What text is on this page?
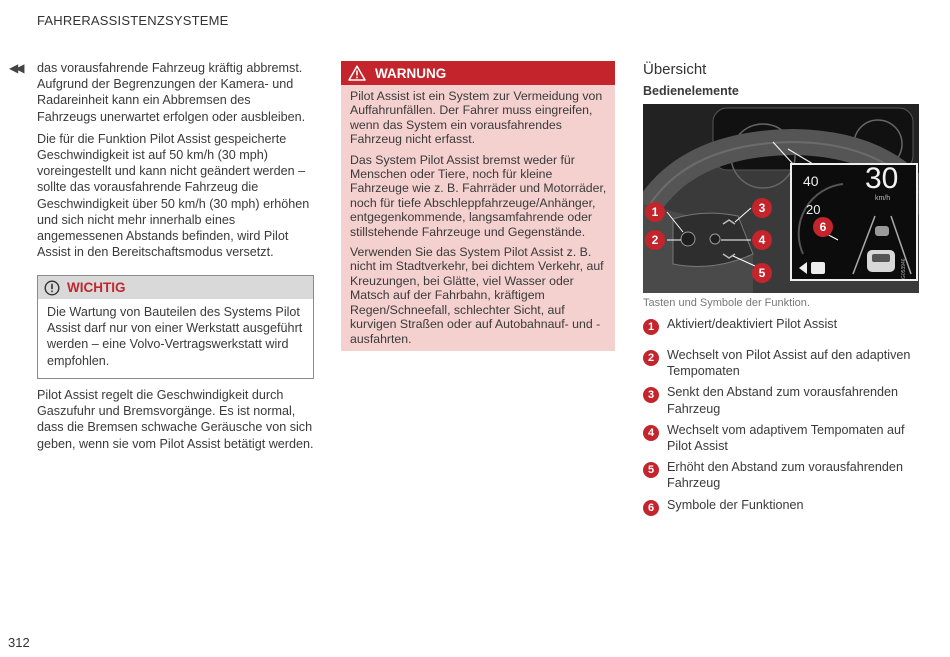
FAHRERASSISTENZSYSTEME
◀◀ das vorausfahrende Fahrzeug kräftig abbremst. Aufgrund der Begrenzungen der Kamera- und Radareinheit kann ein Abbremsen des Fahrzeugs unerwartet erfolgen oder ausbleiben.

Die für die Funktion Pilot Assist gespeicherte Geschwindigkeit ist auf 50 km/h (30 mph) voreingestellt und kann nicht geändert werden – sollte das vorausfahrende Fahrzeug die Geschwindigkeit über 50 km/h (30 mph) erhöhen und sich nicht mehr innerhalb eines angemessenen Abstands befinden, wird Pilot Assist in den Bereitschaftsmodus versetzt.

WICHTIG
Die Wartung von Bauteilen des Systems Pilot Assist darf nur von einer Werkstatt ausgeführt werden – eine Volvo-Vertragswerkstatt wird empfohlen.

Pilot Assist regelt die Geschwindigkeit durch Gaszufuhr und Bremsvorgänge. Es ist normal, dass die Bremsen schwache Geräusche von sich geben, wenn sie vom Pilot Assist betätigt werden.

WARNUNG

Pilot Assist ist ein System zur Vermeidung von Auffahrunfällen. Der Fahrer muss eingreifen, wenn das System ein vorausfahrendes Fahrzeug nicht erfasst.

Das System Pilot Assist bremst weder für Menschen oder Tiere, noch für kleine Fahrzeuge wie z. B. Fahrräder und Motorräder, noch für tiefe Abschleppfahrzeuge/Anhänger, entgegenkommende, langsamfahrende oder stillstehende Fahrzeuge und Gegenstände.

Verwenden Sie das System Pilot Assist z. B. nicht im Stadtverkehr, bei dichtem Verkehr, auf Kreuzungen, bei Glätte, viel Wasser oder Matsch auf der Fahrbahn, kräftigem Regen/Schneefall, schlechter Sicht, auf kurvigen Straßen oder auf Autobahnauf- und -ausfahrten.

Übersicht
Bedienelemente
30
40
20
30
km/h
G053946
1
2
3
4
5
6
Tasten und Symbole der Funktion.
1	Aktiviert/deaktiviert Pilot Assist
2	Wechselt von Pilot Assist auf den adaptiven Tempomaten
3	Senkt den Abstand zum vorausfahrenden Fahrzeug
4	Wechselt vom adaptivem Tempomaten auf Pilot Assist
5	Erhöht den Abstand zum vorausfahrenden Fahrzeug
6	Symbole der Funktionen
312
